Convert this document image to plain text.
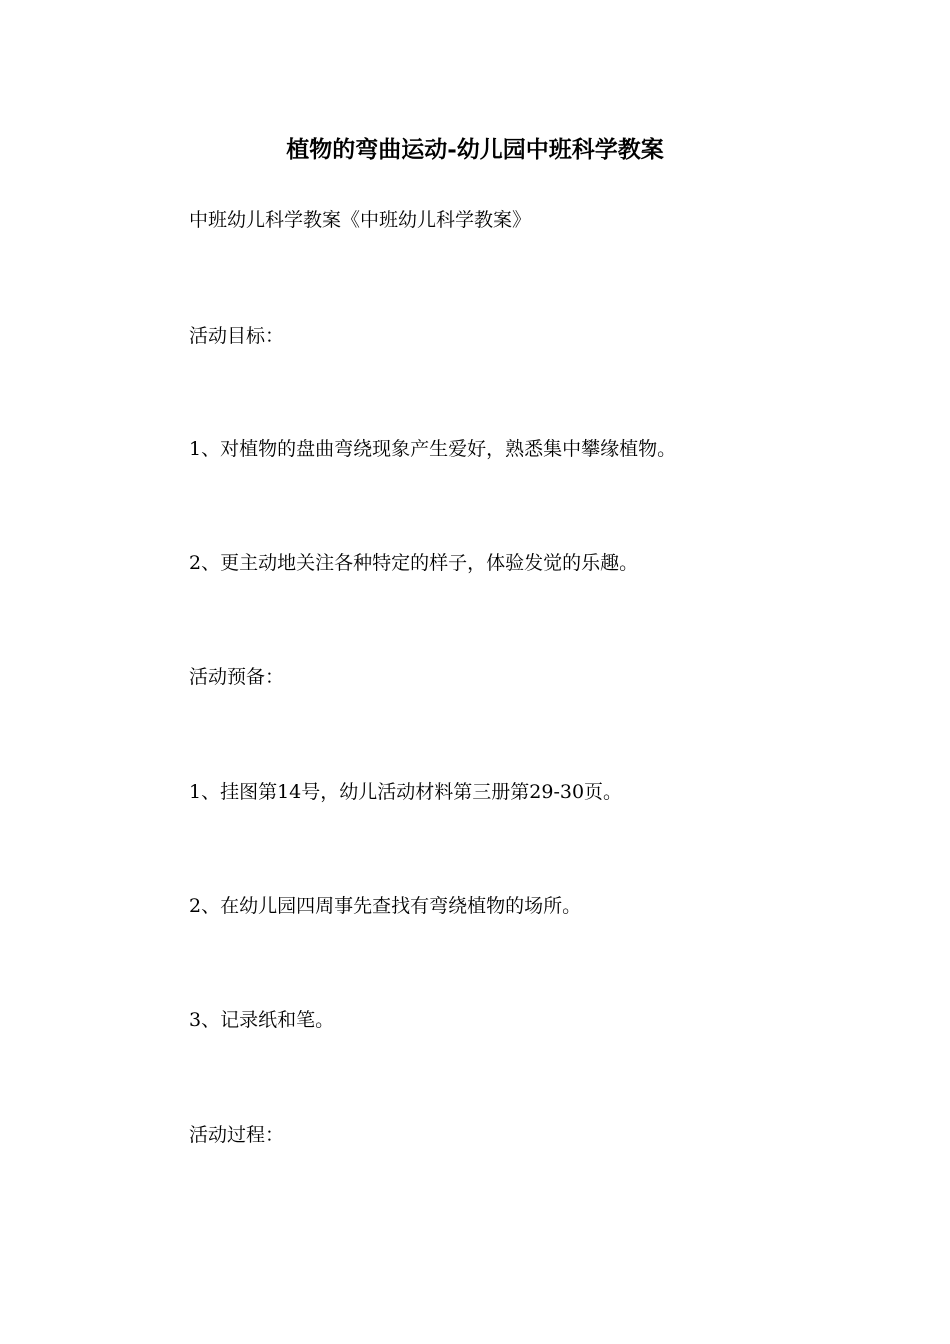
植物的弯曲运动-幼儿园中班科学教案
中班幼儿科学教案《中班幼儿科学教案》
活动目标：
1、对植物的盘曲弯绕现象产生爱好，熟悉集中攀缘植物。
2、更主动地关注各种特定的样子，体验发觉的乐趣。
活动预备：
1、挂图第14号，幼儿活动材料第三册第29-30页。
2、在幼儿园四周事先查找有弯绕植物的场所。
3、记录纸和笔。
活动过程：
